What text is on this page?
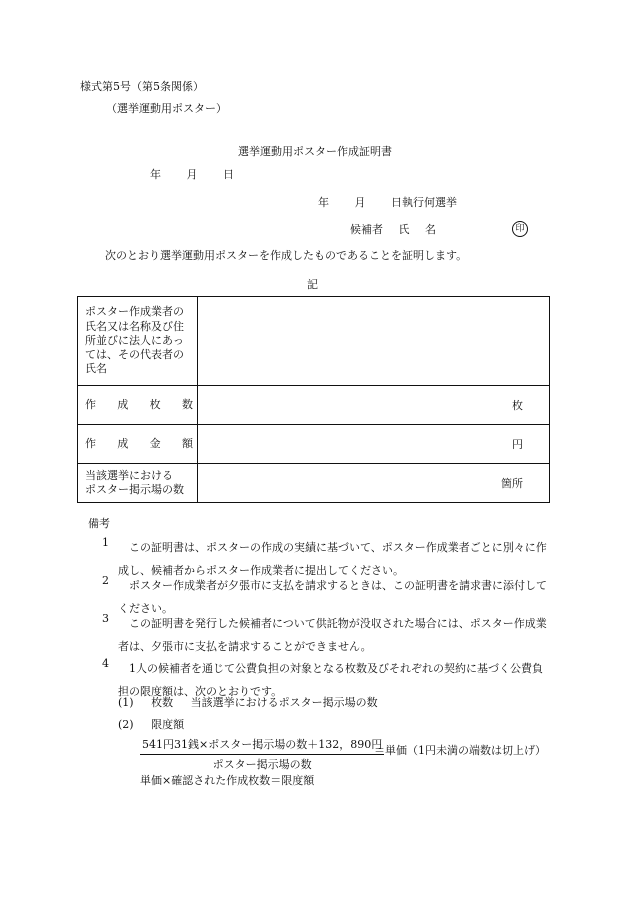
様式第5号（第5条関係）
（選挙運動用ポスター）
選挙運動用ポスター作成証明書
年 月 日
年 月 日執行何選挙
候補者 氏 名	印
次のとおり選挙運動用ポスターを作成したものであることを証明します。
記
ポスター作成業者の氏名又は名称及び住所並びに法人にあっては、その代表者の氏名	

作 成 枚 数	枚

作 成 金 額	円
当該選挙における
ポスター掲示場の数	箇所
備考
1 　この証明書は、ポスターの作成の実績に基づいて、ポスター作成業者ごとに別々に作成し、候補者からポスター作成業者に提出してください。
2 　ポスター作成業者が夕張市に支払を請求するときは、この証明書を請求書に添付してください。
3 　この証明書を発行した候補者について供託物が没収された場合には、ポスター作成業者は、夕張市に支払を請求することができません。
4 　1人の候補者を通じて公費負担の対象となる枚数及びそれぞれの契約に基づく公費負担の限度額は、次のとおりです。
(1) 枚数 当該選挙におけるポスター掲示場の数
(2) 限度額
541円31銭×ポスター掲示場の数＋132，890円
ポスター掲示場の数
＝単価（1円未満の端数は切上げ）
単価×確認された作成枚数＝限度額
